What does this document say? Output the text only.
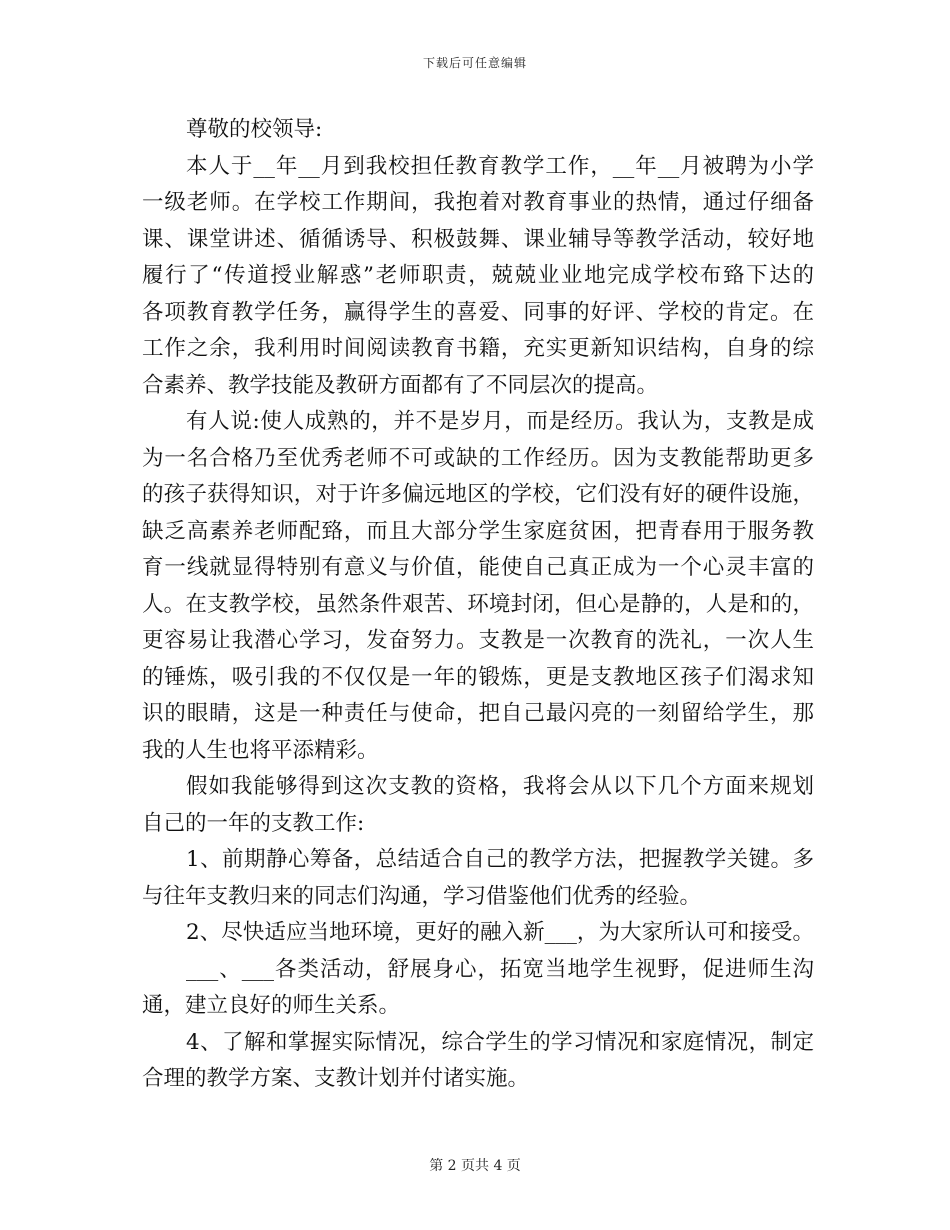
下载后可任意编辑
尊敬的校领导:
本人于__年__月到我校担任教育教学工作，__年__月被聘为小学
一级老师。在学校工作期间，我抱着对教育事业的热情，通过仔细备
课、课堂讲述、循循诱导、积极鼓舞、课业辅导等教学活动，较好地
履行了“传道授业解惑”老师职责，兢兢业业地完成学校布臵下达的
各项教育教学任务，赢得学生的喜爱、同事的好评、学校的肯定。在
工作之余，我利用时间阅读教育书籍，充实更新知识结构，自身的综
合素养、教学技能及教研方面都有了不同层次的提高。
有人说:使人成熟的，并不是岁月，而是经历。我认为，支教是成
为一名合格乃至优秀老师不可或缺的工作经历。因为支教能帮助更多
的孩子获得知识，对于许多偏远地区的学校，它们没有好的硬件设施，
缺乏高素养老师配臵，而且大部分学生家庭贫困，把青春用于服务教
育一线就显得特别有意义与价值，能使自己真正成为一个心灵丰富的
人。在支教学校，虽然条件艰苦、环境封闭，但心是静的，人是和的，
更容易让我潜心学习，发奋努力。支教是一次教育的洗礼，一次人生
的锤炼，吸引我的不仅仅是一年的锻炼，更是支教地区孩子们渴求知
识的眼睛，这是一种责任与使命，把自己最闪亮的一刻留给学生，那
我的人生也将平添精彩。
假如我能够得到这次支教的资格，我将会从以下几个方面来规划
自己的一年的支教工作:
1、前期静心筹备，总结适合自己的教学方法，把握教学关键。多
与往年支教归来的同志们沟通，学习借鉴他们优秀的经验。
2、尽快适应当地环境，更好的融入新___，为大家所认可和接受。
___、___各类活动，舒展身心，拓宽当地学生视野，促进师生沟
通，建立良好的师生关系。
4、了解和掌握实际情况，综合学生的学习情况和家庭情况，制定
合理的教学方案、支教计划并付诸实施。
第 2 页共 4 页
